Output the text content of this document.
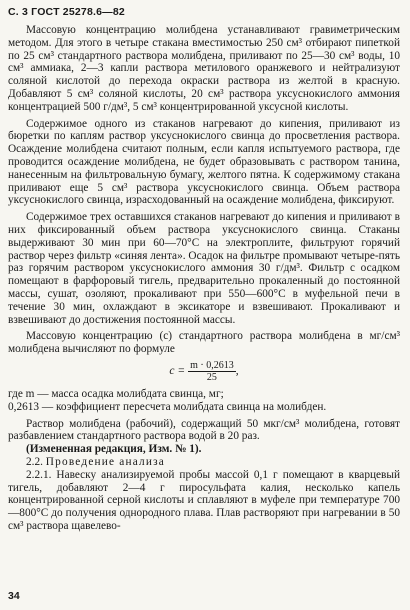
С. 3 ГОСТ 25278.6—82

Массовую концентрацию молибдена устанавливают гравиметрическим методом. Для этого в четыре стакана вместимостью 250 см³ отбирают пипеткой по 25 см³ стандартного раствора молибдена, приливают по 25—30 см³ воды, 10 см³ аммиака, 2—3 капли раствора метилового оранжевого и нейтрализуют соляной кислотой до перехода окраски раствора из желтой в красную. Добавляют 5 см³ соляной кислоты, 20 см³ раствора уксуснокислого аммония концентрацией 500 г/дм³, 5 см³ концентрированной уксусной кислоты.

Содержимое одного из стаканов нагревают до кипения, приливают из бюретки по каплям раствор уксуснокислого свинца до просветления раствора. Осаждение молибдена считают полным, если капля испытуемого раствора, где проводится осаждение молибдена, не будет образовывать с раствором танина, нанесенным на фильтровальную бумагу, желтого пятна. К содержимому стакана приливают еще 5 см³ раствора уксуснокислого свинца. Объем раствора уксуснокислого свинца, израсходованный на осаждение молибдена, фиксируют.

Содержимое трех оставшихся стаканов нагревают до кипения и приливают в них фиксированный объем раствора уксуснокислого свинца. Стаканы выдерживают 30 мин при 60—70°С на электроплите, фильтруют горячий раствор через фильтр «синяя лента». Осадок на фильтре промывают четыре-пять раз горячим раствором уксуснокислого аммония 30 г/дм³. Фильтр с осадком помещают в фарфоровый тигель, предварительно прокаленный до постоянной массы, сушат, озоляют, прокаливают при 550—600°С в муфельной печи в течение 30 мин, охлаждают в эксикаторе и взвешивают. Прокаливают и взвешивают до достижения постоянной массы.

Массовую концентрацию (с) стандартного раствора молибдена в мг/см³ молибдена вычисляют по формуле

$с = \frac{m \cdot 0,2613}{25}$ ,

где m — масса осадка молибдата свинца, мг;

0,2613 — коэффициент пересчета молибдата свинца на молибден.

Раствор молибдена (рабочий), содержащий 50 мкг/см³ молибдена, готовят разбавлением стандартного раствора водой в 20 раз.

(Измененная редакция, Изм. № 1).

2.2. Проведение анализа

2.2.1. Навеску анализируемой пробы массой 0,1 г помещают в кварцевый тигель, добавляют 2—4 г пиросульфата калия, несколько капель концентрированной серной кислоты и сплавляют в муфеле при температуре 700—800°С до получения однородного плава. Плав растворяют при нагревании в 50 см³ раствора щавелево-

34
